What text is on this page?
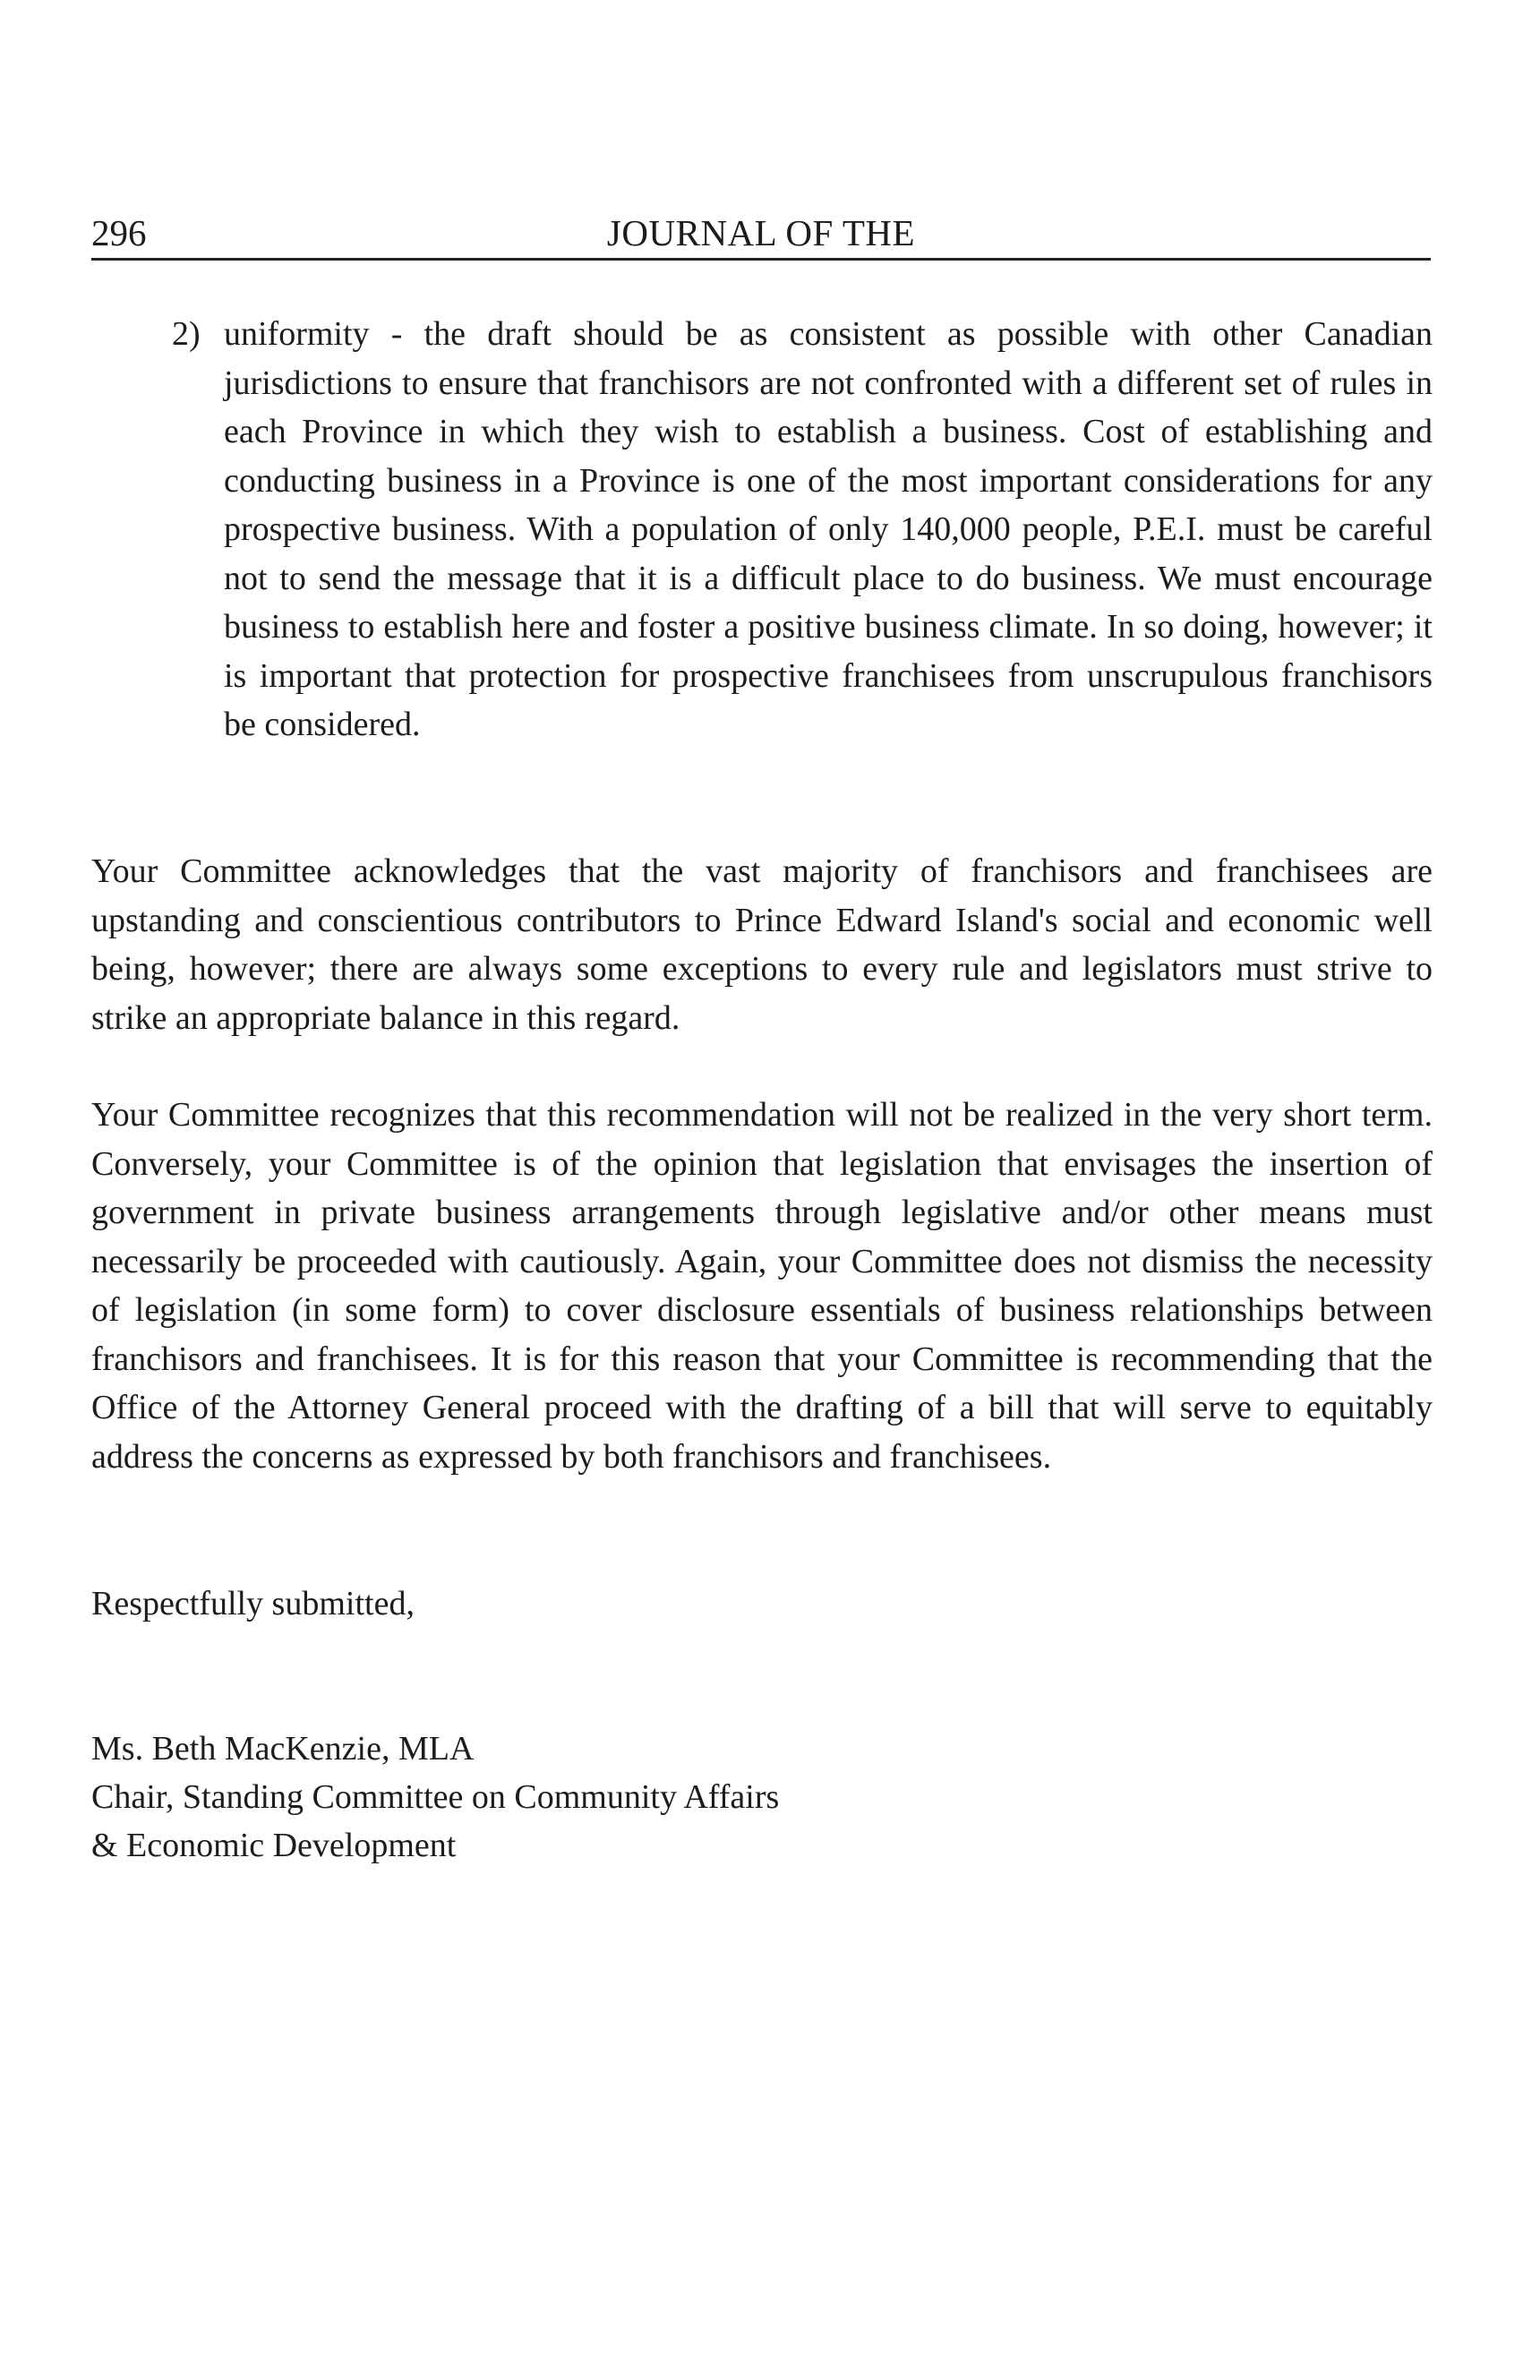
296	JOURNAL OF THE
2) uniformity - the draft should be as consistent as possible with other Canadian jurisdictions to ensure that franchisors are not confronted with a different set of rules in each Province in which they wish to establish a business. Cost of establishing and conducting business in a Province is one of the most important considerations for any prospective business. With a population of only 140,000 people, P.E.I. must be careful not to send the message that it is a difficult place to do business. We must encourage business to establish here and foster a positive business climate. In so doing, however; it is important that protection for prospective franchisees from unscrupulous franchisors be considered.

Your Committee acknowledges that the vast majority of franchisors and franchisees are upstanding and conscientious contributors to Prince Edward Island's social and economic well being, however; there are always some exceptions to every rule and legislators must strive to strike an appropriate balance in this regard.

Your Committee recognizes that this recommendation will not be realized in the very short term. Conversely, your Committee is of the opinion that legislation that envisages the insertion of government in private business arrangements through legislative and/or other means must necessarily be proceeded with cautiously. Again, your Committee does not dismiss the necessity of legislation (in some form) to cover disclosure essentials of business relationships between franchisors and franchisees. It is for this reason that your Committee is recommending that the Office of the Attorney General proceed with the drafting of a bill that will serve to equitably address the concerns as expressed by both franchisors and franchisees.

Respectfully submitted,
Ms. Beth MacKenzie, MLA
Chair, Standing Committee on Community Affairs
& Economic Development
